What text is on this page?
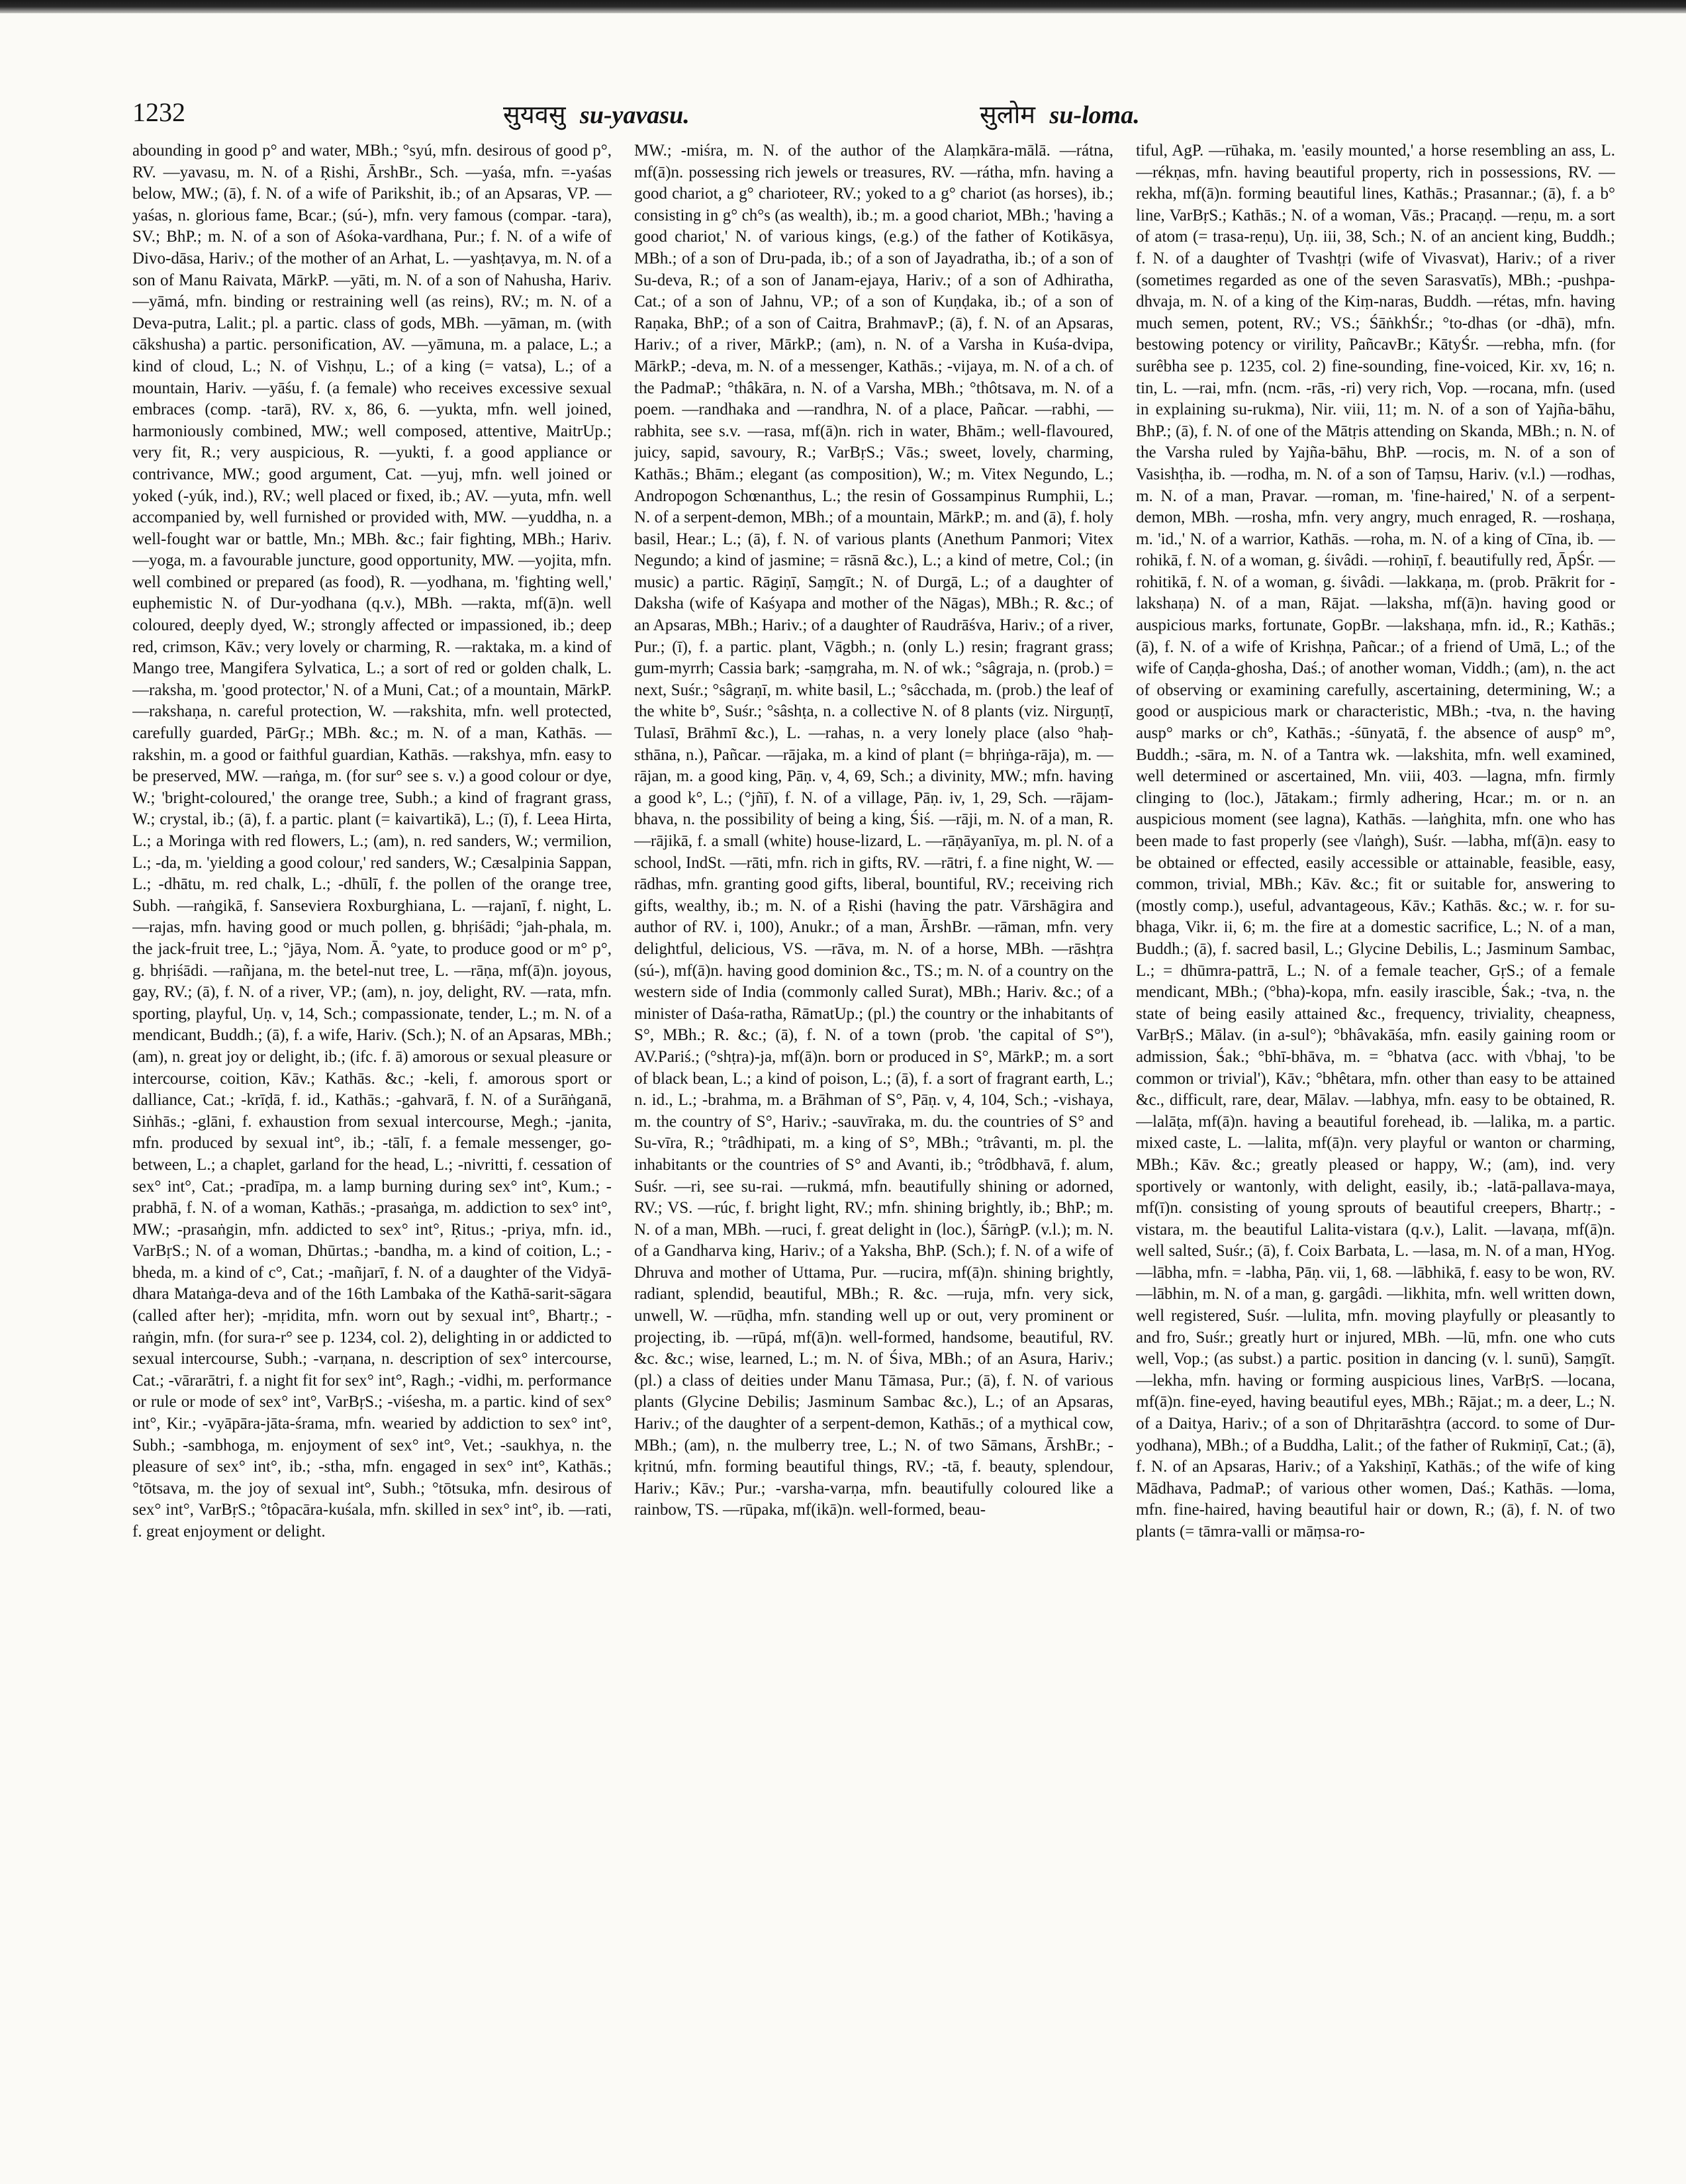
1232	सुयवसु su-yavasu.	सुलोम su-loma.

abounding in good p° and water, MBh.; °syú, mfn. desirous of good p°, RV. —yavasu, m. N. of a Ṛishi, ĀrshBr., Sch. —yaśa, mfn. =-yaśas below, MW.; (ā), f. N. of a wife of Parikshit, ib.; of an Apsaras, VP. —yaśas, n. glorious fame, Bcar.; (sú-), mfn. very famous (compar. -tara), SV.; BhP.; m. N. of a son of Aśoka-vardhana, Pur.; f. N. of a wife of Divo-dāsa, Hariv.; of the mother of an Arhat, L. —yashṭavya, m. N. of a son of Manu Raivata, MārkP. —yāti, m. N. of a son of Nahusha, Hariv. —yāmá, mfn. binding or restraining well (as reins), RV.; m. N. of a Deva-putra, Lalit.; pl. a partic. class of gods, MBh. —yāman, m. (with cākshusha) a partic. personification, AV. —yāmuna, m. a palace, L.; a kind of cloud, L.; N. of Vishṇu, L.; of a king (= vatsa), L.; of a mountain, Hariv. —yāśu, f. (a female) who receives excessive sexual embraces (comp. -tarā), RV. x, 86, 6. —yukta, mfn. well joined, harmoniously combined, MW.; well composed, attentive, MaitrUp.; very fit, R.; very auspicious, R. —yukti, f. a good appliance or contrivance, MW.; good argument, Cat. —yuj, mfn. well joined or yoked (-yúk, ind.), RV.; well placed or fixed, ib.; AV. —yuta, mfn. well accompanied by, well furnished or provided with, MW. —yuddha, n. a well-fought war or battle, Mn.; MBh. &c.; fair fighting, MBh.; Hariv. —yoga, m. a favourable juncture, good opportunity, MW. —yojita, mfn. well combined or prepared (as food), R. —yodhana, m. 'fighting well,' euphemistic N. of Dur-yodhana (q.v.), MBh. —rakta, mf(ā)n. well coloured, deeply dyed, W.; strongly affected or impassioned, ib.; deep red, crimson, Kāv.; very lovely or charming, R. —raktaka, m. a kind of Mango tree, Mangifera Sylvatica, L.; a sort of red or golden chalk, L. —raksha, m. 'good protector,' N. of a Muni, Cat.; of a mountain, MārkP. —rakshaṇa, n. careful protection, W. —rakshita, mfn. well protected, carefully guarded, PārGṛ.; MBh. &c.; m. N. of a man, Kathās. —rakshin, m. a good or faithful guardian, Kathās. —rakshya, mfn. easy to be preserved, MW. —raṅga, m. (for sur° see s. v.) a good colour or dye, W.; 'bright-coloured,' the orange tree, Subh.; a kind of fragrant grass, W.; crystal, ib.; (ā), f. a partic. plant (= kaivartikā), L.; (ī), f. Leea Hirta, L.; a Moringa with red flowers, L.; (am), n. red sanders, W.; vermilion, L.; -da, m. 'yielding a good colour,' red sanders, W.; Cæsalpinia Sappan, L.; -dhātu, m. red chalk, L.; -dhūlī, f. the pollen of the orange tree, Subh. —raṅgikā, f. Sanseviera Roxburghiana, L. —rajanī, f. night, L. —rajas, mfn. having good or much pollen, g. bhṛiśādi; °jah-phala, m. the jack-fruit tree, L.; °jāya, Nom. Ā. °yate, to produce good or m° p°, g. bhṛiśādi. —rañjana, m. the betel-nut tree, L. —rāṇa, mf(ā)n. joyous, gay, RV.; (ā), f. N. of a river, VP.; (am), n. joy, delight, RV. —rata, mfn. sporting, playful, Uṇ. v, 14, Sch.; compassionate, tender, L.; m. N. of a mendicant, Buddh.; (ā), f. a wife, Hariv. (Sch.); N. of an Apsaras, MBh.; (am), n. great joy or delight, ib.; (ifc. f. ā) amorous or sexual pleasure or intercourse, coition, Kāv.; Kathās. &c.; -keli, f. amorous sport or dalliance, Cat.; -krīḍā, f. id., Kathās.; -gahvarā, f. N. of a Surāṅganā, Siṅhās.; -glāni, f. exhaustion from sexual intercourse, Megh.; -janita, mfn. produced by sexual int°, ib.; -tālī, f. a female messenger, go-between, L.; a chaplet, garland for the head, L.; -nivritti, f. cessation of sex° int°, Cat.; -pradīpa, m. a lamp burning during sex° int°, Kum.; -prabhā, f. N. of a woman, Kathās.; -prasaṅga, m. addiction to sex° int°, MW.; -prasaṅgin, mfn. addicted to sex° int°, Ṛitus.; -priya, mfn. id., VarBṛS.; N. of a woman, Dhūrtas.; -bandha, m. a kind of coition, L.; -bheda, m. a kind of c°, Cat.; -mañjarī, f. N. of a daughter of the Vidyā-dhara Mataṅga-deva and of the 16th Lambaka of the Kathā-sarit-sāgara (called after her); -mṛidita, mfn. worn out by sexual int°, Bhartṛ.; -raṅgin, mfn. (for sura-r° see p. 1234, col. 2), delighting in or addicted to sexual intercourse, Subh.; -varṇana, n. description of sex° intercourse, Cat.; -vārarātri, f. a night fit for sex° int°, Ragh.; -vidhi, m. performance or rule or mode of sex° int°, VarBṛS.; -viśesha, m. a partic. kind of sex° int°, Kir.; -vyāpāra-jāta-śrama, mfn. wearied by addiction to sex° int°, Subh.; -sambhoga, m. enjoyment of sex° int°, Vet.; -saukhya, n. the pleasure of sex° int°, ib.; -stha, mfn. engaged in sex° int°, Kathās.; °tōtsava, m. the joy of sexual int°, Subh.; °tōtsuka, mfn. desirous of sex° int°, VarBṛS.; °tôpacāra-kuśala, mfn. skilled in sex° int°, ib. —rati, f. great enjoyment or delight.

MW.; -miśra, m. N. of the author of the Alaṃkāra-mālā. —rátna, mf(ā)n. possessing rich jewels or treasures, RV. —rátha, mfn. having a good chariot, a g° charioteer, RV.; yoked to a g° chariot (as horses), ib.; consisting in g° ch°s (as wealth), ib.; m. a good chariot, MBh.; 'having a good chariot,' N. of various kings, (e.g.) of the father of Kotikāsya, MBh.; of a son of Dru-pada, ib.; of a son of Jayadratha, ib.; of a son of Su-deva, R.; of a son of Janam-ejaya, Hariv.; of a son of Adhiratha, Cat.; of a son of Jahnu, VP.; of a son of Kuṇḍaka, ib.; of a son of Raṇaka, BhP.; of a son of Caitra, BrahmavP.; (ā), f. N. of an Apsaras, Hariv.; of a river, MārkP.; (am), n. N. of a Varsha in Kuśa-dvipa, MārkP.; -deva, m. N. of a messenger, Kathās.; -vijaya, m. N. of a ch. of the PadmaP.; °thâkāra, n. N. of a Varsha, MBh.; °thôtsava, m. N. of a poem. —randhaka and —randhra, N. of a place, Pañcar. —rabhi, —rabhita, see s.v. —rasa, mf(ā)n. rich in water, Bhām.; well-flavoured, juicy, sapid, savoury, R.; VarBṛS.; Vās.; sweet, lovely, charming, Kathās.; Bhām.; elegant (as composition), W.; m. Vitex Negundo, L.; Andropogon Schœnanthus, L.; the resin of Gossampinus Rumphii, L.; N. of a serpent-demon, MBh.; of a mountain, MārkP.; m. and (ā), f. holy basil, Hear.; L.; (ā), f. N. of various plants (Anethum Panmori; Vitex Negundo; a kind of jasmine; = rāsnā &c.), L.; a kind of metre, Col.; (in music) a partic. Rāgiṇī, Saṃgīt.; N. of Durgā, L.; of a daughter of Daksha (wife of Kaśyapa and mother of the Nāgas), MBh.; R. &c.; of an Apsaras, MBh.; Hariv.; of a daughter of Raudrāśva, Hariv.; of a river, Pur.; (ī), f. a partic. plant, Vāgbh.; n. (only L.) resin; fragrant grass; gum-myrrh; Cassia bark; -saṃgraha, m. N. of wk.; °sâgraja, n. (prob.) = next, Suśr.; °sâgraṇī, m. white basil, L.; °sâcchada, m. (prob.) the leaf of the white b°, Suśr.; °sâshṭa, n. a collective N. of 8 plants (viz. Nirguṇṭī, Tulasī, Brāhmī &c.), L. —rahas, n. a very lonely place (also °haḥ-sthāna, n.), Pañcar. —rājaka, m. a kind of plant (= bhṛiṅga-rāja), m. —rājan, m. a good king, Pāṇ. v, 4, 69, Sch.; a divinity, MW.; mfn. having a good k°, L.; (°jñī), f. N. of a village, Pāṇ. iv, 1, 29, Sch. —rājam-bhava, n. the possibility of being a king, Śiś. —rāji, m. N. of a man, R. —rājikā, f. a small (white) house-lizard, L. —rāṇāyanīya, m. pl. N. of a school, IndSt. —rāti, mfn. rich in gifts, RV. —rātri, f. a fine night, W. —rādhas, mfn. granting good gifts, liberal, bountiful, RV.; receiving rich gifts, wealthy, ib.; m. N. of a Ṛishi (having the patr. Vārshāgira and author of RV. i, 100), Anukr.; of a man, ĀrshBr. —rāman, mfn. very delightful, delicious, VS. —rāva, m. N. of a horse, MBh. —rāshṭra (sú-), mf(ā)n. having good dominion &c., TS.; m. N. of a country on the western side of India (commonly called Surat), MBh.; Hariv. &c.; of a minister of Daśa-ratha, RāmatUp.; (pl.) the country or the inhabitants of S°, MBh.; R. &c.; (ā), f. N. of a town (prob. 'the capital of S°'), AV.Pariś.; (°shṭra)-ja, mf(ā)n. born or produced in S°, MārkP.; m. a sort of black bean, L.; a kind of poison, L.; (ā), f. a sort of fragrant earth, L.; n. id., L.; -brahma, m. a Brāhman of S°, Pāṇ. v, 4, 104, Sch.; -vishaya, m. the country of S°, Hariv.; -sauvīraka, m. du. the countries of S° and Su-vīra, R.; °trâdhipati, m. a king of S°, MBh.; °trâvanti, m. pl. the inhabitants or the countries of S° and Avanti, ib.; °trôdbhavā, f. alum, Suśr. —ri, see su-rai. —rukmá, mfn. beautifully shining or adorned, RV.; VS. —rúc, f. bright light, RV.; mfn. shining brightly, ib.; BhP.; m. N. of a man, MBh. —ruci, f. great delight in (loc.), ŚārṅgP. (v.l.); m. N. of a Gandharva king, Hariv.; of a Yaksha, BhP. (Sch.); f. N. of a wife of Dhruva and mother of Uttama, Pur. —rucira, mf(ā)n. shining brightly, radiant, splendid, beautiful, MBh.; R. &c. —ruja, mfn. very sick, unwell, W. —rūḍha, mfn. standing well up or out, very prominent or projecting, ib. —rūpá, mf(ā)n. well-formed, handsome, beautiful, RV. &c. &c.; wise, learned, L.; m. N. of Śiva, MBh.; of an Asura, Hariv.; (pl.) a class of deities under Manu Tāmasa, Pur.; (ā), f. N. of various plants (Glycine Debilis; Jasminum Sambac &c.), L.; of an Apsaras, Hariv.; of the daughter of a serpent-demon, Kathās.; of a mythical cow, MBh.; (am), n. the mulberry tree, L.; N. of two Sāmans, ĀrshBr.; -kṛitnú, mfn. forming beautiful things, RV.; -tā, f. beauty, splendour, Hariv.; Kāv.; Pur.; -varsha-varṇa, mfn. beautifully coloured like a rainbow, TS. —rūpaka, mf(ikā)n. well-formed, beau-

tiful, AgP. —rūhaka, m. 'easily mounted,' a horse resembling an ass, L. —rékṇas, mfn. having beautiful property, rich in possessions, RV. —rekha, mf(ā)n. forming beautiful lines, Kathās.; Prasannar.; (ā), f. a b° line, VarBṛS.; Kathās.; N. of a woman, Vās.; Pracaṇḍ. —reṇu, m. a sort of atom (= trasa-reṇu), Uṇ. iii, 38, Sch.; N. of an ancient king, Buddh.; f. N. of a daughter of Tvashṭṛi (wife of Vivasvat), Hariv.; of a river (sometimes regarded as one of the seven Sarasvatīs), MBh.; -pushpa-dhvaja, m. N. of a king of the Kiṃ-naras, Buddh. —rétas, mfn. having much semen, potent, RV.; VS.; ŚāṅkhŚr.; °to-dhas (or -dhā), mfn. bestowing potency or virility, PañcavBr.; KātyŚr. —rebha, mfn. (for surêbha see p. 1235, col. 2) fine-sounding, fine-voiced, Kir. xv, 16; n. tin, L. —rai, mfn. (ncm. -rās, -ri) very rich, Vop. —rocana, mfn. (used in explaining su-rukma), Nir. viii, 11; m. N. of a son of Yajña-bāhu, BhP.; (ā), f. N. of one of the Mātṛis attending on Skanda, MBh.; n. N. of the Varsha ruled by Yajña-bāhu, BhP. —rocis, m. N. of a son of Vasishṭha, ib. —rodha, m. N. of a son of Taṃsu, Hariv. (v.l.) —rodhas, m. N. of a man, Pravar. —roman, m. 'fine-haired,' N. of a serpent-demon, MBh. —rosha, mfn. very angry, much enraged, R. —roshaṇa, m. 'id.,' N. of a warrior, Kathās. —roha, m. N. of a king of Cīna, ib. —rohikā, f. N. of a woman, g. śivâdi. —rohiṇī, f. beautifully red, ĀpŚr. —rohitikā, f. N. of a woman, g. śivâdi. —lakkaṇa, m. (prob. Prākrit for -lakshaṇa) N. of a man, Rājat. —laksha, mf(ā)n. having good or auspicious marks, fortunate, GopBr. —lakshaṇa, mfn. id., R.; Kathās.; (ā), f. N. of a wife of Krishṇa, Pañcar.; of a friend of Umā, L.; of the wife of Caṇḍa-ghosha, Daś.; of another woman, Viddh.; (am), n. the act of observing or examining carefully, ascertaining, determining, W.; a good or auspicious mark or characteristic, MBh.; -tva, n. the having ausp° marks or ch°, Kathās.; -śūnyatā, f. the absence of ausp° m°, Buddh.; -sāra, m. N. of a Tantra wk. —lakshita, mfn. well examined, well determined or ascertained, Mn. viii, 403. —lagna, mfn. firmly clinging to (loc.), Jātakam.; firmly adhering, Hcar.; m. or n. an auspicious moment (see lagna), Kathās. —laṅghita, mfn. one who has been made to fast properly (see √laṅgh), Suśr. —labha, mf(ā)n. easy to be obtained or effected, easily accessible or attainable, feasible, easy, common, trivial, MBh.; Kāv. &c.; fit or suitable for, answering to (mostly comp.), useful, advantageous, Kāv.; Kathās. &c.; w. r. for su-bhaga, Vikr. ii, 6; m. the fire at a domestic sacrifice, L.; N. of a man, Buddh.; (ā), f. sacred basil, L.; Glycine Debilis, L.; Jasminum Sambac, L.; = dhūmra-pattrā, L.; N. of a female teacher, GṛS.; of a female mendicant, MBh.; (°bha)-kopa, mfn. easily irascible, Śak.; -tva, n. the state of being easily attained &c., frequency, triviality, cheapness, VarBṛS.; Mālav. (in a-sul°); °bhâvakāśa, mfn. easily gaining room or admission, Śak.; °bhī-bhāva, m. = °bhatva (acc. with √bhaj, 'to be common or trivial'), Kāv.; °bhêtara, mfn. other than easy to be attained &c., difficult, rare, dear, Mālav. —labhya, mfn. easy to be obtained, R. —lalāṭa, mf(ā)n. having a beautiful forehead, ib. —lalika, m. a partic. mixed caste, L. —lalita, mf(ā)n. very playful or wanton or charming, MBh.; Kāv. &c.; greatly pleased or happy, W.; (am), ind. very sportively or wantonly, with delight, easily, ib.; -latā-pallava-maya, mf(ī)n. consisting of young sprouts of beautiful creepers, Bhartṛ.; -vistara, m. the beautiful Lalita-vistara (q.v.), Lalit. —lavaṇa, mf(ā)n. well salted, Suśr.; (ā), f. Coix Barbata, L. —lasa, m. N. of a man, HYog. —lābha, mfn. = -labha, Pāṇ. vii, 1, 68. —lābhikā, f. easy to be won, RV. —lābhin, m. N. of a man, g. gargâdi. —likhita, mfn. well written down, well registered, Suśr. —lulita, mfn. moving playfully or pleasantly to and fro, Suśr.; greatly hurt or injured, MBh. —lū, mfn. one who cuts well, Vop.; (as subst.) a partic. position in dancing (v. l. sunū), Saṃgīt. —lekha, mfn. having or forming auspicious lines, VarBṛS. —locana, mf(ā)n. fine-eyed, having beautiful eyes, MBh.; Rājat.; m. a deer, L.; N. of a Daitya, Hariv.; of a son of Dhṛitarāshṭra (accord. to some of Dur-yodhana), MBh.; of a Buddha, Lalit.; of the father of Rukmiṇī, Cat.; (ā), f. N. of an Apsaras, Hariv.; of a Yakshiṇī, Kathās.; of the wife of king Mādhava, PadmaP.; of various other women, Daś.; Kathās. —loma, mfn. fine-haired, having beautiful hair or down, R.; (ā), f. N. of two plants (= tāmra-valli or māṃsa-ro-
